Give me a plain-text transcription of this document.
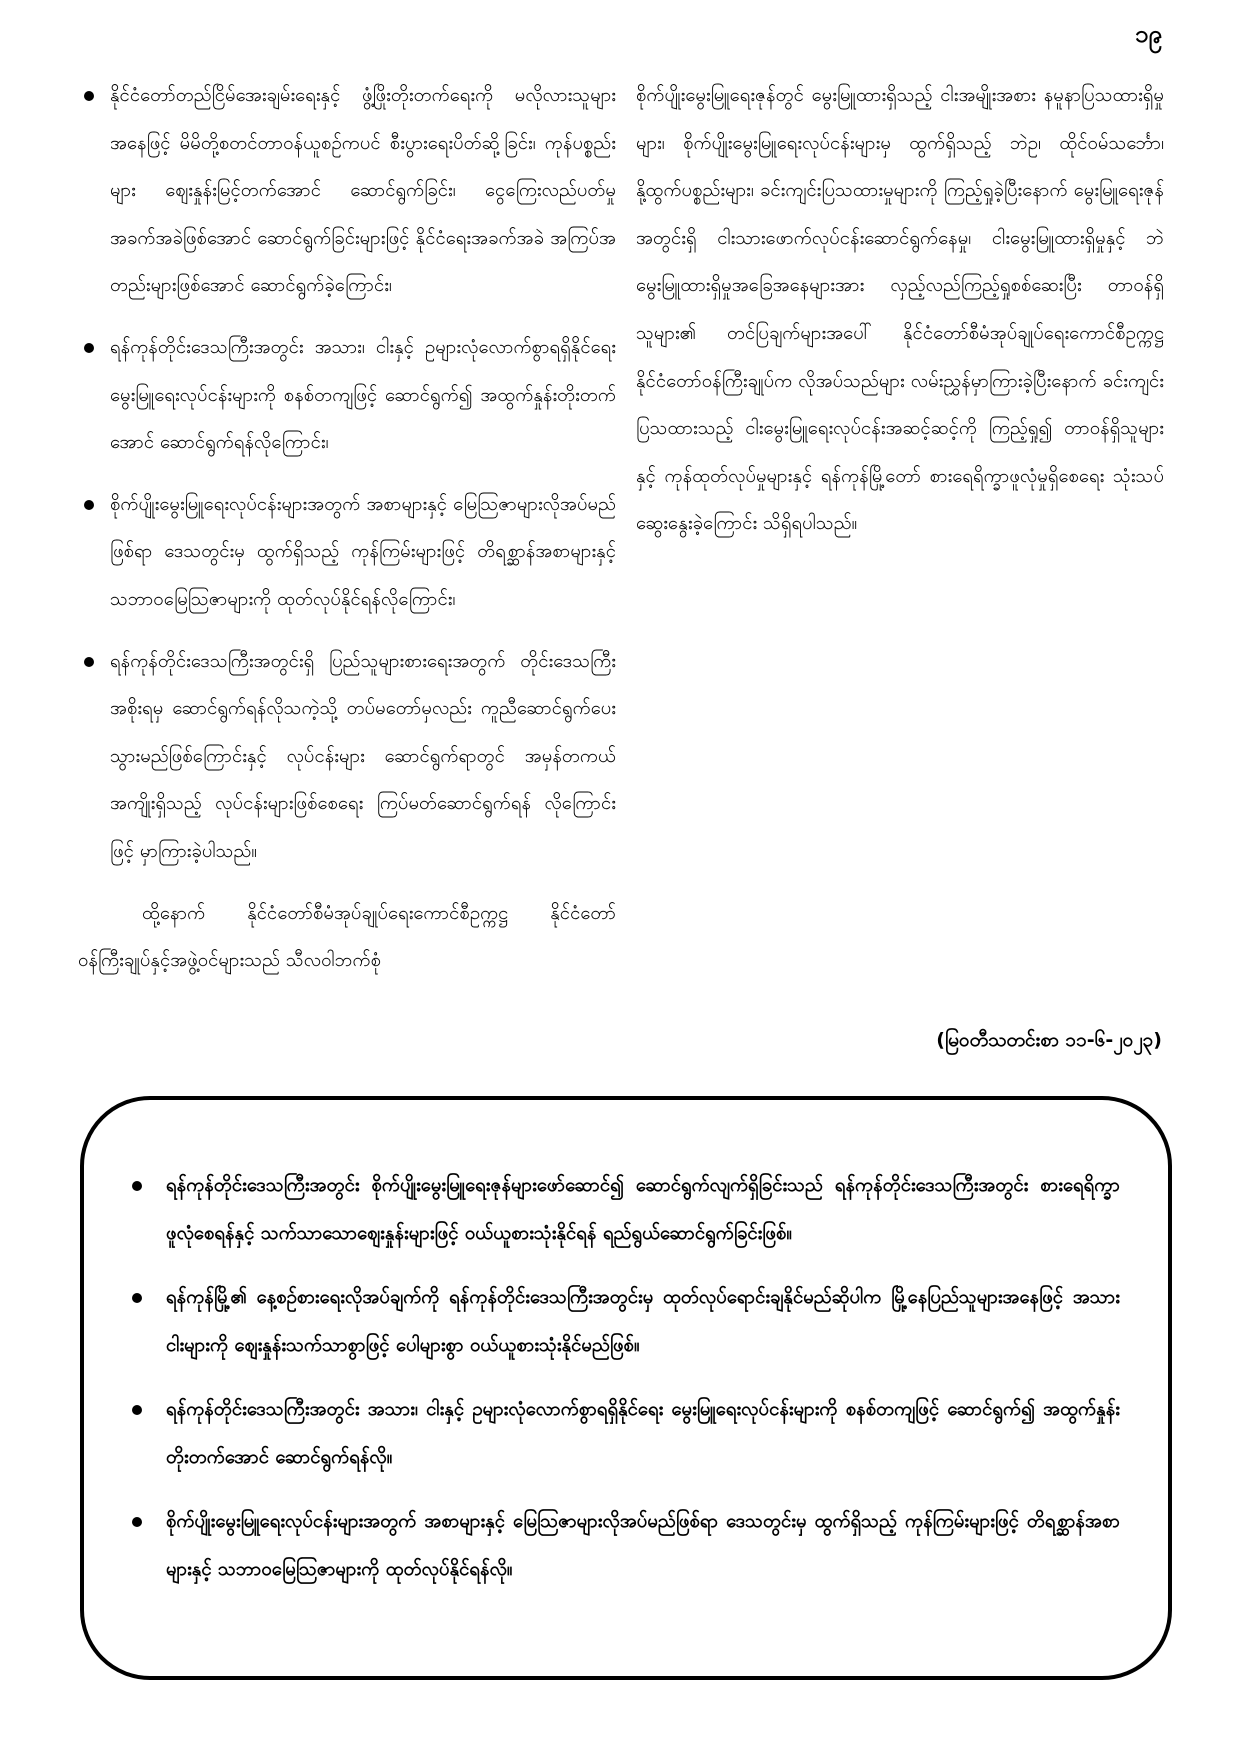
၁၉
နိုင်ငံတော်တည်ငြိမ်အေးချမ်းရေးနှင့် ဖွံ့ဖြိုးတိုးတက်ရေးကို မလိုလားသူများအနေဖြင့် မိမိတို့စတင်တာဝန်ယူစဉ်ကပင် စီးပွားရေးပိတ်ဆို့ခြင်း၊ ကုန်ပစ္စည်းများ ဈေးနှုန်းမြင့်တက်အောင် ဆောင်ရွက်ခြင်း၊ ငွေကြေးလည်ပတ်မှုအခက်အခဲဖြစ်အောင် ဆောင်ရွက်ခြင်းများဖြင့် နိုင်ငံရေးအခက်အခဲ အကြပ်အတည်းများဖြစ်အောင် ဆောင်ရွက်ခဲ့ကြောင်း၊
ရန်ကုန်တိုင်းဒေသကြီးအတွင်း အသား၊ ငါးနှင့် ဥများလုံလောက်စွာရရှိနိုင်ရေး မွေးမြူရေးလုပ်ငန်းများကို စနစ်တကျဖြင့် ဆောင်ရွက်၍ အထွက်နှုန်းတိုးတက်အောင် ဆောင်ရွက်ရန်လိုကြောင်း၊
စိုက်ပျိုးမွေးမြူရေးလုပ်ငန်းများအတွက် အစာများနှင့် မြေသြဇာများလိုအပ်မည်ဖြစ်ရာ ဒေသတွင်းမှ ထွက်ရှိသည့် ကုန်ကြမ်းများဖြင့် တိရစ္ဆာန်အစာများနှင့် သဘာဝမြေသြဇာများကို ထုတ်လုပ်နိုင်ရန်လိုကြောင်း၊
ရန်ကုန်တိုင်းဒေသကြီးအတွင်းရှိ ပြည်သူများစားရေးအတွက် တိုင်းဒေသကြီးအစိုးရမှ ဆောင်ရွက်ရန်လိုသကဲ့သို့ တပ်မတော်မှလည်း ကူညီဆောင်ရွက်ပေးသွားမည်ဖြစ်ကြောင်းနှင့် လုပ်ငန်းများ ဆောင်ရွက်ရာတွင် အမှန်တကယ်အကျိုးရှိသည့် လုပ်ငန်းများဖြစ်စေရေး ကြပ်မတ်ဆောင်ရွက်ရန် လိုကြောင်းဖြင့် မှာကြားခဲ့ပါသည်။

ထို့နောက် နိုင်ငံတော်စီမံအုပ်ချုပ်ရေးကောင်စီဥက္ကဋ္ဌ နိုင်ငံတော်ဝန်ကြီးချုပ်နှင့်အဖွဲ့ဝင်များသည် သီလဝါဘက်စုံ

စိုက်ပျိုးမွေးမြူရေးဇုန်တွင် မွေးမြူထားရှိသည့် ငါးအမျိုးအစား နမူနာပြသထားရှိမှုများ၊ စိုက်ပျိုးမွေးမြူရေးလုပ်ငန်းများမှ ထွက်ရှိသည့် ဘဲဥ၊ ထိုင်ဝမ်သင်္ဘော၊ နို့ထွက်ပစ္စည်းများ၊ ခင်းကျင်းပြသထားမှုများကို ကြည့်ရှုခဲ့ပြီးနောက် မွေးမြူရေးဇုန်အတွင်းရှိ ငါးသားဖောက်လုပ်ငန်းဆောင်ရွက်နေမှု၊ ငါးမွေးမြူထားရှိမှုနှင့် ဘဲမွေးမြူထားရှိမှုအခြေအနေများအား လှည့်လည်ကြည့်ရှုစစ်ဆေးပြီး တာဝန်ရှိသူများ၏ တင်ပြချက်များအပေါ် နိုင်ငံတော်စီမံအုပ်ချုပ်ရေးကောင်စီဥက္ကဋ္ဌ နိုင်ငံတော်ဝန်ကြီးချုပ်က လိုအပ်သည်များ လမ်းညွှန်မှာကြားခဲ့ပြီးနောက် ခင်းကျင်းပြသထားသည့် ငါးမွေးမြူရေးလုပ်ငန်းအဆင့်ဆင့်ကို ကြည့်ရှု၍ တာဝန်ရှိသူများနှင့် ကုန်ထုတ်လုပ်မှုများနှင့် ရန်ကုန်မြို့တော် စားရေရိက္ခာဖူလုံမှုရှိစေရေး သုံးသပ်ဆွေးနွေးခဲ့ကြောင်း သိရှိရပါသည်။

(မြဝတီသတင်းစာ ၁၁-၆-၂၀၂၃)
ရန်ကုန်တိုင်းဒေသကြီးအတွင်း စိုက်ပျိုးမွေးမြူရေးဇုန်များဖော်ဆောင်၍ ဆောင်ရွက်လျက်ရှိခြင်းသည် ရန်ကုန်တိုင်းဒေသကြီးအတွင်း စားရေရိက္ခာဖူလုံစေရန်နှင့် သက်သာသောဈေးနှုန်းများဖြင့် ဝယ်ယူစားသုံးနိုင်ရန် ရည်ရွယ်ဆောင်ရွက်ခြင်းဖြစ်။
ရန်ကုန်မြို့၏ နေ့စဉ်စားရေးလိုအပ်ချက်ကို ရန်ကုန်တိုင်းဒေသကြီးအတွင်းမှ ထုတ်လုပ်ရောင်းချနိုင်မည်ဆိုပါက မြို့နေပြည်သူများအနေဖြင့် အသားငါးများကို ဈေးနှုန်းသက်သာစွာဖြင့် ပေါများစွာ ဝယ်ယူစားသုံးနိုင်မည်ဖြစ်။
ရန်ကုန်တိုင်းဒေသကြီးအတွင်း အသား၊ ငါးနှင့် ဥများလုံလောက်စွာရရှိနိုင်ရေး မွေးမြူရေးလုပ်ငန်းများကို စနစ်တကျဖြင့် ဆောင်ရွက်၍ အထွက်နှုန်းတိုးတက်အောင် ဆောင်ရွက်ရန်လို။
စိုက်ပျိုးမွေးမြူရေးလုပ်ငန်းများအတွက် အစာများနှင့် မြေသြဇာများလိုအပ်မည်ဖြစ်ရာ ဒေသတွင်းမှ ထွက်ရှိသည့် ကုန်ကြမ်းများဖြင့် တိရစ္ဆာန်အစာများနှင့် သဘာဝမြေသြဇာများကို ထုတ်လုပ်နိုင်ရန်လို။
